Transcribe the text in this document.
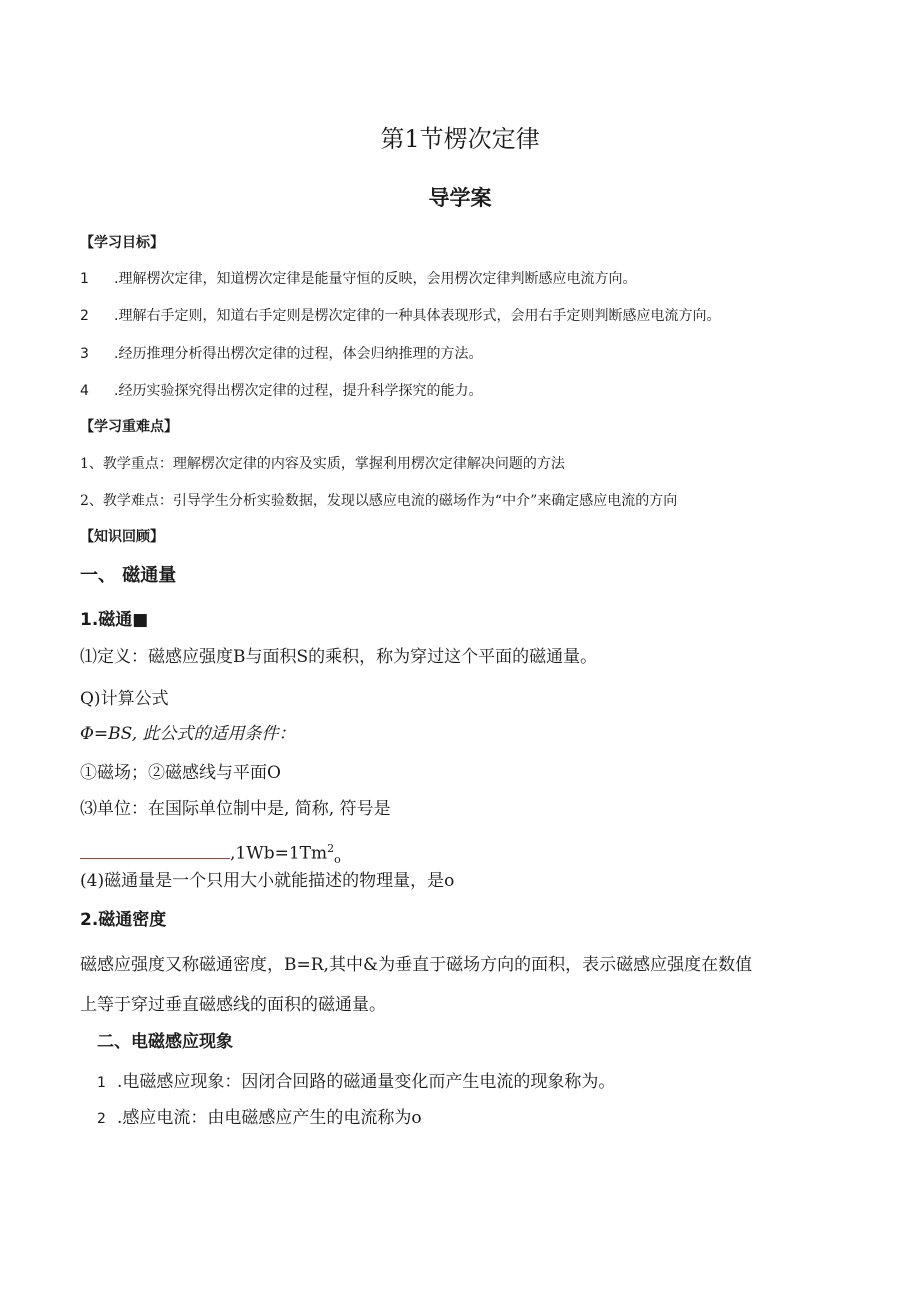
第1节楞次定律
导学案
【学习目标】
1 .理解楞次定律，知道楞次定律是能量守恒的反映，会用楞次定律判断感应电流方向。
2 .理解右手定则，知道右手定则是楞次定律的一种具体表现形式，会用右手定则判断感应电流方向。
3 .经历推理分析得出楞次定律的过程，体会归纳推理的方法。
4 .经历实验探究得出楞次定律的过程，提升科学探究的能力。
【学习重难点】
1、教学重点：理解楞次定律的内容及实质，掌握利用楞次定律解决问题的方法
2、教学难点：引导学生分析实验数据，发现以感应电流的磁场作为“中介”来确定感应电流的方向
【知识回顾】
一、 磁通量
1.磁通■
⑴定义：磁感应强度B与面积S的乘积，称为穿过这个平面的磁通量。
Q)计算公式
Φ=BS, 此公式的适用条件：
①磁场；②磁感线与平面O
⑶单位：在国际单位制中是, 简称, 符号是
$,1Wb=1Tm^2_o$
(4)磁通量是一个只用大小就能描述的物理量，是o
2.磁通密度
磁感应强度又称磁通密度，B=R,其中&为垂直于磁场方向的面积，表示磁感应强度在数值
上等于穿过垂直磁感线的面积的磁通量。
二、电磁感应现象
1 .电磁感应现象：因闭合回路的磁通量变化而产生电流的现象称为。
2 .感应电流：由电磁感应产生的电流称为o
